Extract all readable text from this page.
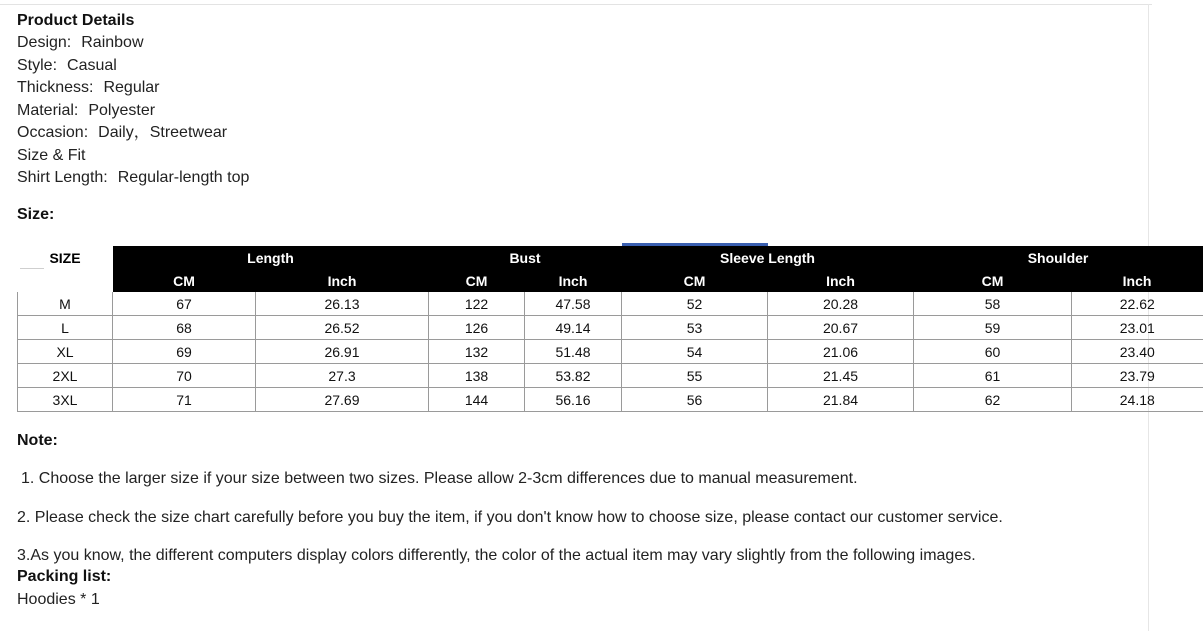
Product Details
Design: Rainbow
Style: Casual
Thickness: Regular
Material: Polyester
Occasion: Daily，Streetwear
Size & Fit
Shirt Length: Regular-length top
Size:
SIZE	Length		Bust		Sleeve Length		Shoulder	
	CM	Inch	CM	Inch	CM	Inch	CM	Inch
M	67	26.13	122	47.58	52	20.28	58	22.62
L	68	26.52	126	49.14	53	20.67	59	23.01
XL	69	26.91	132	51.48	54	21.06	60	23.40
2XL	70	27.3	138	53.82	55	21.45	61	23.79
3XL	71	27.69	144	56.16	56	21.84	62	24.18
Note:
1. Choose the larger size if your size between two sizes. Please allow 2-3cm differences due to manual measurement.
2. Please check the size chart carefully before you buy the item, if you don't know how to choose size, please contact our customer service.
3.As you know, the different computers display colors differently, the color of the actual item may vary slightly from the following images.
Packing list:
Hoodies * 1
